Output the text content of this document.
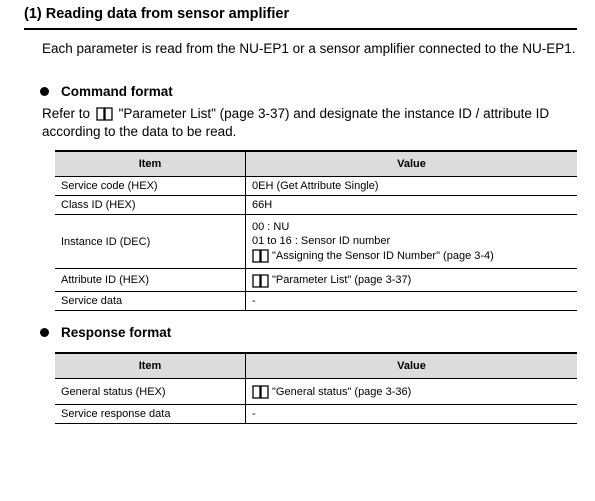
(1) Reading data from sensor amplifier
Each parameter is read from the NU-EP1 or a sensor amplifier connected to the NU-EP1.
Command format
Refer to "Parameter List" (page 3-37) and designate the instance ID / attribute ID according to the data to be read.
Item	Value
Service code (HEX)	0EH (Get Attribute Single)
Class ID (HEX)	66H
Instance ID (DEC)	00 : NU
01 to 16 : Sensor ID number
"Assigning the Sensor ID Number" (page 3-4)

Attribute ID (HEX)	"Parameter List" (page 3-37)

Service data	-
Response format
Item	Value
General status (HEX)	"General status" (page 3-36)

Service response data	-
